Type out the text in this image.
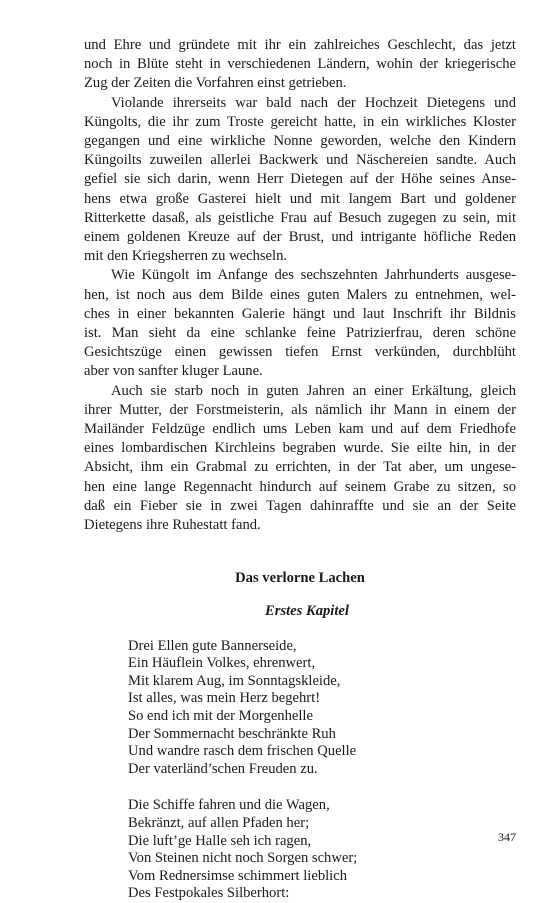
und Ehre und gründete mit ihr ein zahlreiches Geschlecht, das jetzt
noch in Blüte steht in verschiedenen Ländern, wohin der kriegerische
Zug der Zeiten die Vorfahren einst getrieben.

Violande ihrerseits war bald nach der Hochzeit Dietegens und
Küngolts, die ihr zum Troste gereicht hatte, in ein wirkliches Kloster
gegangen und eine wirkliche Nonne geworden, welche den Kindern
Küngoilts zuweilen allerlei Backwerk und Näschereien sandte. Auch
gefiel sie sich darin, wenn Herr Dietegen auf der Höhe seines Anse-
hens etwa große Gasterei hielt und mit langem Bart und goldener
Ritterkette dasaß, als geistliche Frau auf Besuch zugegen zu sein, mit
einem goldenen Kreuze auf der Brust, und intrigante höfliche Reden
mit den Kriegsherren zu wechseln.

Wie Küngolt im Anfange des sechszehnten Jahrhunderts ausgese-
hen, ist noch aus dem Bilde eines guten Malers zu entnehmen, wel-
ches in einer bekannten Galerie hängt und laut Inschrift ihr Bildnis
ist. Man sieht da eine schlanke feine Patrizierfrau, deren schöne
Gesichtszüge einen gewissen tiefen Ernst verkünden, durchblüht
aber von sanfter kluger Laune.

Auch sie starb noch in guten Jahren an einer Erkältung, gleich
ihrer Mutter, der Forstmeisterin, als nämlich ihr Mann in einem der
Mailänder Feldzüge endlich ums Leben kam und auf dem Friedhofe
eines lombardischen Kirchleins begraben wurde. Sie eilte hin, in der
Absicht, ihm ein Grabmal zu errichten, in der Tat aber, um ungese-
hen eine lange Regennacht hindurch auf seinem Grabe zu sitzen, so
daß ein Fieber sie in zwei Tagen dahinraffte und sie an der Seite
Dietegens ihre Ruhestatt fand.

Das verlorne Lachen
Erstes Kapitel
Drei Ellen gute Bannerseide,
Ein Häuflein Volkes, ehrenwert,
Mit klarem Aug, im Sonntagskleide,
Ist alles, was mein Herz begehrt!
So end ich mit der Morgenhelle
Der Sommernacht beschränkte Ruh
Und wandre rasch dem frischen Quelle
Der vaterländ’schen Freuden zu.
Die Schiffe fahren und die Wagen,
Bekränzt, auf allen Pfaden her;
Die luft’ge Halle seh ich ragen,
Von Steinen nicht noch Sorgen schwer;
Vom Rednersimse schimmert lieblich
Des Festpokales Silberhort:
347
